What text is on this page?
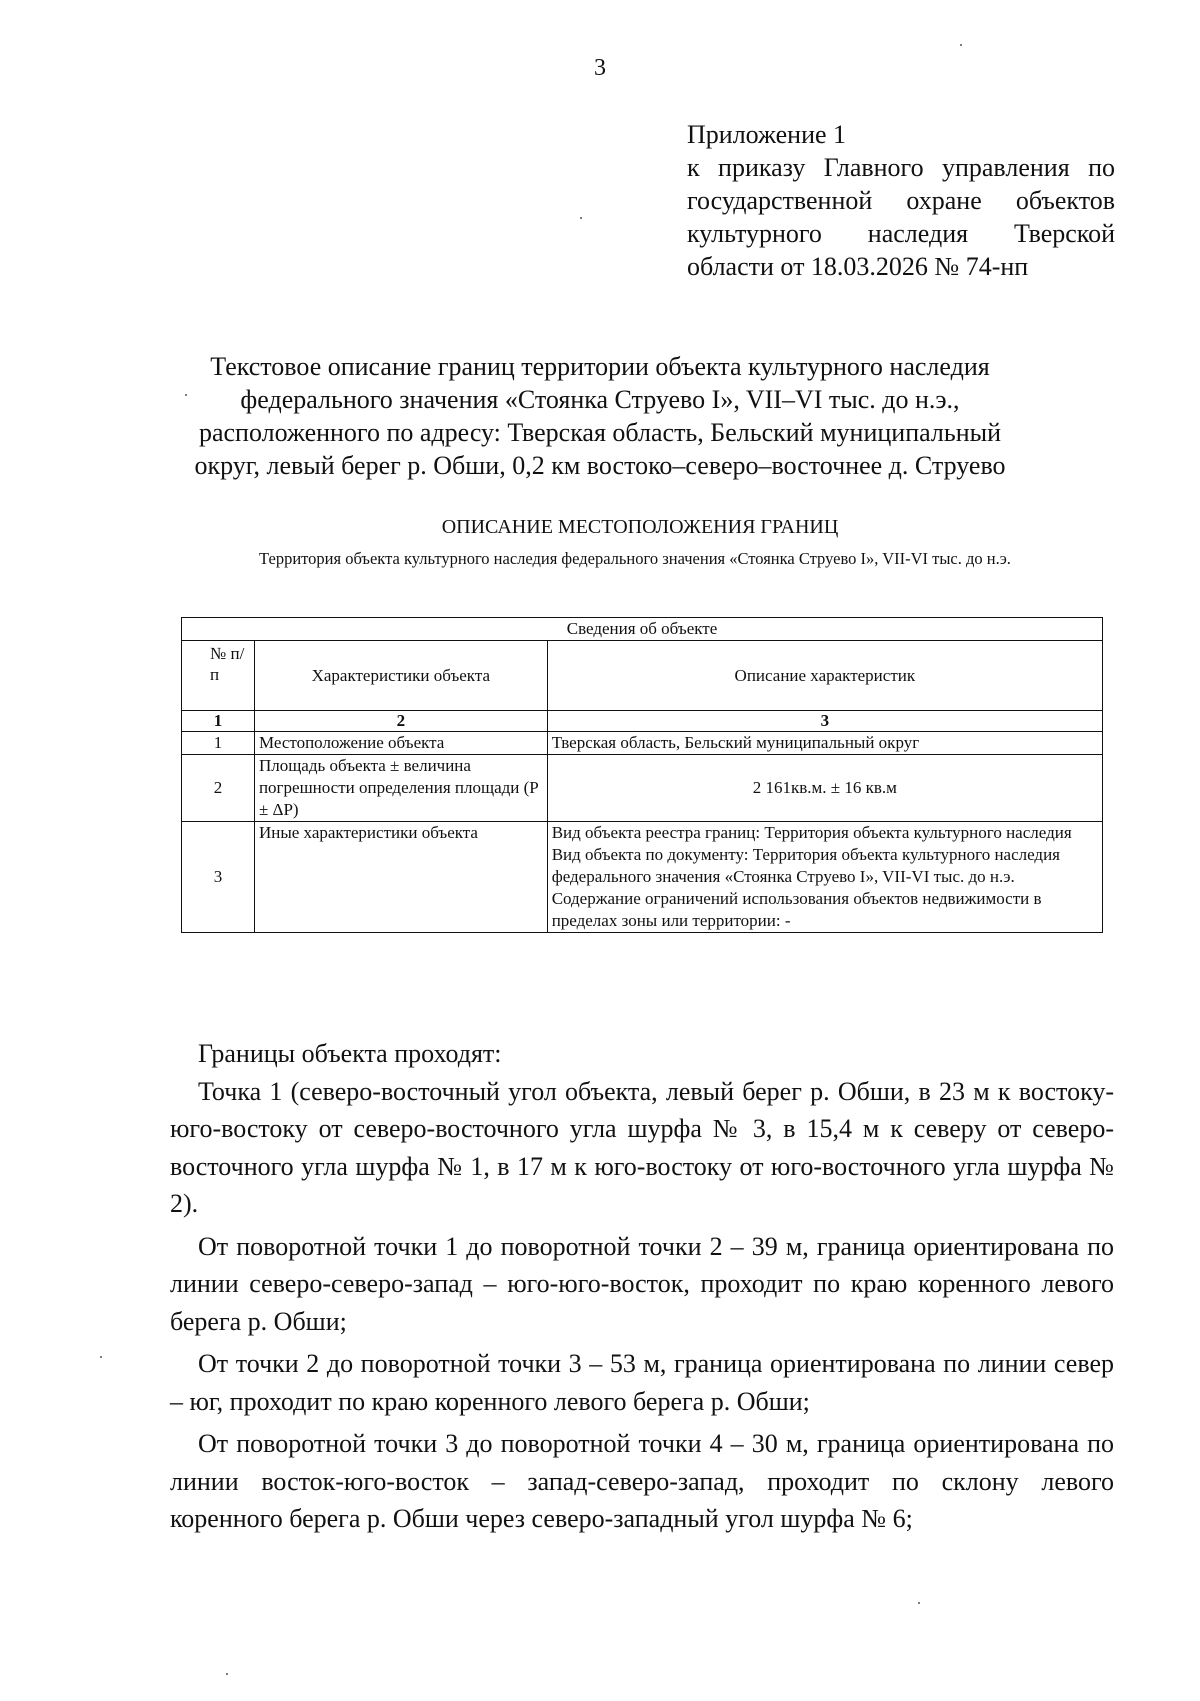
3
Приложение 1
к приказу Главного управления по
государственной охране объектов
культурного наследия Тверской
области от 18.03.2026 № 74-нп
Текстовое описание границ территории объекта культурного наследия
федерального значения «Стоянка Струево I», VII–VI тыс. до н.э.,
расположенного по адресу: Тверская область, Бельский муниципальный
округ, левый берег р. Обши, 0,2 км востоко–северо–восточнее д. Струево
ОПИСАНИЕ МЕСТОПОЛОЖЕНИЯ ГРАНИЦ
Территория объекта культурного наследия федерального значения «Стоянка Струево I», VII-VI тыс. до н.э.
Сведения об объекте		
№ п/ п	Характеристики объекта	Описание характеристик
1	2	3
1	Местоположение объекта	Тверская область, Бельский муниципальный округ
2	Площадь объекта ± величина погрешности определения площади (Р ± ΔР)	2 161кв.м. ± 16 кв.м
3	Иные характеристики объекта	Вид объекта реестра границ: Территория объекта культурного наследия
Вид объекта по документу: Территория объекта культурного наследия федерального значения «Стоянка Струево I», VII-VI тыс. до н.э.
Содержание ограничений использования объектов недвижимости в пределах зоны или территории: -

Границы объекта проходят:

Точка 1 (северо-восточный угол объекта, левый берег р. Обши, в 23 м к востоку-юго-востоку от северо-восточного угла шурфа № 3, в 15,4 м к северу от северо-восточного угла шурфа № 1, в 17 м к юго-востоку от юго-восточного угла шурфа № 2).

От поворотной точки 1 до поворотной точки 2 – 39 м, граница ориентирована по линии северо-северо-запад – юго-юго-восток, проходит по краю коренного левого берега р. Обши;

От точки 2 до поворотной точки 3 – 53 м, граница ориентирована по линии север – юг, проходит по краю коренного левого берега р. Обши;

От поворотной точки 3 до поворотной точки 4 – 30 м, граница ориентирована по линии восток-юго-восток – запад-северо-запад, проходит по склону левого коренного берега р. Обши через северо-западный угол шурфа № 6;
